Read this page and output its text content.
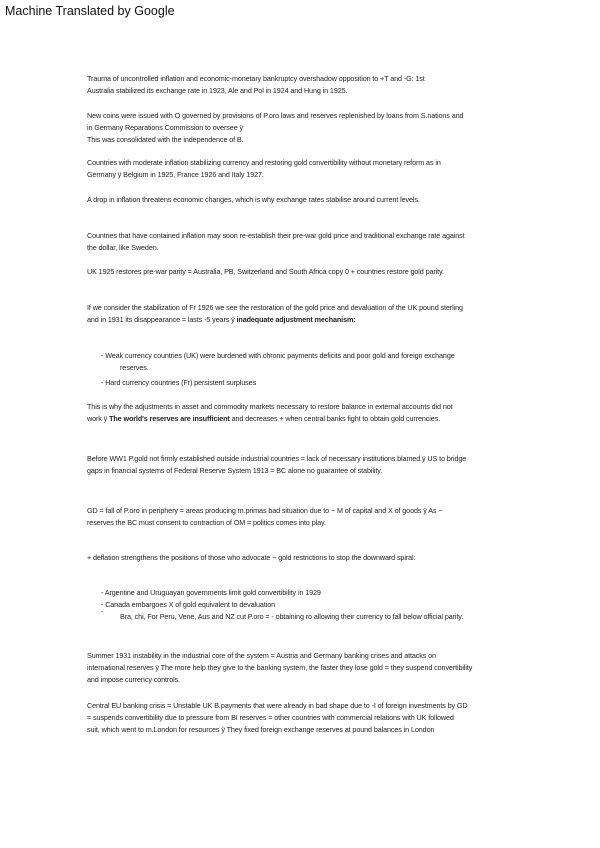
Machine Translated by Google
Trauma of uncontrolled inflation and economic-monetary bankruptcy overshadow opposition to +T and -G: 1st
Australia stabilized its exchange rate in 1923, Ale and Pol in 1924 and Hung in 1925.
New coins were issued with O governed by provisions of P.oro laws and reserves replenished by loans from S.nations and
in Germany Reparations Commission to oversee ÿ
This was consolidated with the independence of B.
Countries with moderate inflation stabilizing currency and restoring gold convertibility without monetary reform as in
Germany ÿ Belgium in 1925, France 1926 and Italy 1927.
A drop in inflation threatens economic changes, which is why exchange rates stabilise around current levels.
Countries that have contained inflation may soon re-establish their pre-war gold price and traditional exchange rate against
the dollar, like Sweden.
UK 1925 restores pre-war parity = Australia, PB, Switzerland and South Africa copy 0 + countries restore gold parity.
If we consider the stabilization of Fr 1926 we see the restoration of the gold price and devaluation of the UK pound sterling
and in 1931 its disappearance = lasts -5 years ÿ inadequate adjustment mechanism:
- Weak currency countries (UK) were burdened with chronic payments deficits and poor gold and foreign exchange
reserves.
- Hard currency countries (Fr) persistent surpluses
This is why the adjustments in asset and commodity markets necessary to restore balance in external accounts did not
work ÿ The world's reserves are insufficient and decreases + when central banks fight to obtain gold currencies.
Before WW1 P.gold not firmly established outside industrial countries = lack of necessary institutions blamed ÿ US to bridge
gaps in financial systems of Federal Reserve System 1913 = BC alone no guarantee of stability.
GD = fall of P.oro in periphery = areas producing m.primas bad situation due to − M of capital and X of goods ÿ As −
reserves the BC must consent to contraction of OM = politics comes into play.
+ deflation strengthens the positions of those who advocate − gold restrictions to stop the downward spiral:
- Argentine and Uruguayan governments limit gold convertibility in 1929
- Canada embargoes X of gold equivalent to devaluation
ˉ Bra, chi, For Peru, Vene, Aus and NZ cut P.oro = - obtaining ro allowing their currency to fall below official parity.
Summer 1931 instability in the industrial core of the system = Austria and Germany banking crises and attacks on
international reserves ÿ The more help they give to the banking system, the faster they lose gold = they suspend convertibility
and impose currency controls.
Central EU banking crisis = Unstable UK B.payments that were already in bad shape due to -I of foreign investments by GD
= suspends convertibility due to pressure from BI reserves = other countries with commercial relations with UK followed
suit, which went to m.London for resources ÿ They fixed foreign exchange reserves at pound balances in London
